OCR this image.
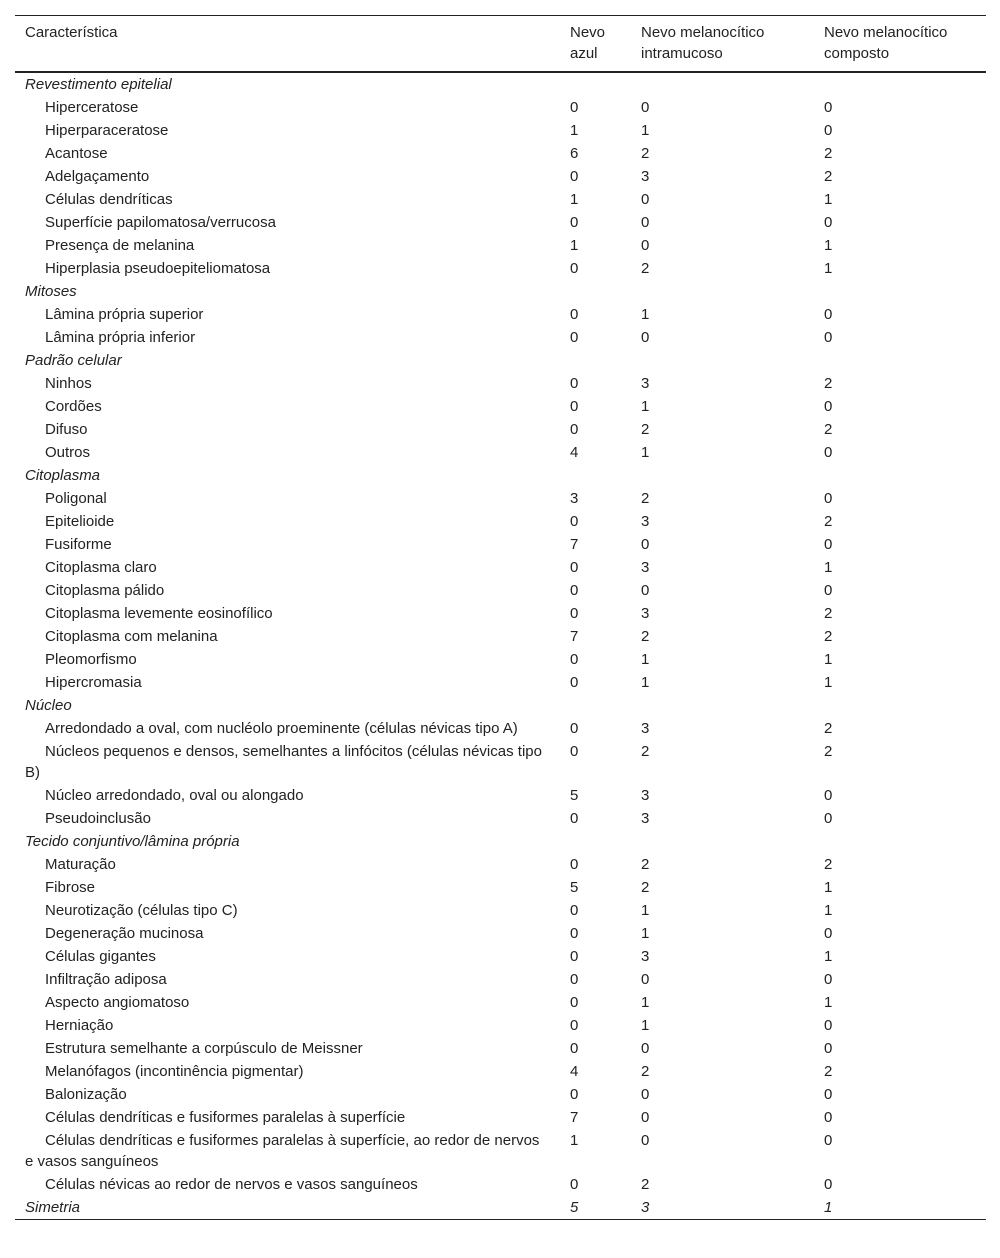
Característica	Nevo azul	Nevo melanocítico intramucoso	Nevo melanocítico composto
Revestimento epitelial			
Hiperceratose	0	0	0
Hiperparaceratose	1	1	0
Acantose	6	2	2
Adelgaçamento	0	3	2
Células dendríticas	1	0	1
Superfície papilomatosa/verrucosa	0	0	0
Presença de melanina	1	0	1
Hiperplasia pseudoepiteliomatosa	0	2	1
Mitoses			
Lâmina própria superior	0	1	0
Lâmina própria inferior	0	0	0
Padrão celular			
Ninhos	0	3	2
Cordões	0	1	0
Difuso	0	2	2
Outros	4	1	0
Citoplasma			
Poligonal	3	2	0
Epitelioide	0	3	2
Fusiforme	7	0	0
Citoplasma claro	0	3	1
Citoplasma pálido	0	0	0
Citoplasma levemente eosinofílico	0	3	2
Citoplasma com melanina	7	2	2
Pleomorfismo	0	1	1
Hipercromasia	0	1	1
Núcleo			
Arredondado a oval, com nucléolo proeminente (células névicas tipo A)	0	3	2
Núcleos pequenos e densos, semelhantes a linfócitos (células névicas tipo B)	0	2	2
Núcleo arredondado, oval ou alongado	5	3	0
Pseudoinclusão	0	3	0
Tecido conjuntivo/lâmina própria			
Maturação	0	2	2
Fibrose	5	2	1
Neurotização (células tipo C)	0	1	1
Degeneração mucinosa	0	1	0
Células gigantes	0	3	1
Infiltração adiposa	0	0	0
Aspecto angiomatoso	0	1	1
Herniação	0	1	0
Estrutura semelhante a corpúsculo de Meissner	0	0	0
Melanófagos (incontinência pigmentar)	4	2	2
Balonização	0	0	0
Células dendríticas e fusiformes paralelas à superfície	7	0	0
Células dendríticas e fusiformes paralelas à superfície, ao redor de nervos e vasos sanguíneos	1	0	0
Células névicas ao redor de nervos e vasos sanguíneos	0	2	0
Simetria	5	3	1
